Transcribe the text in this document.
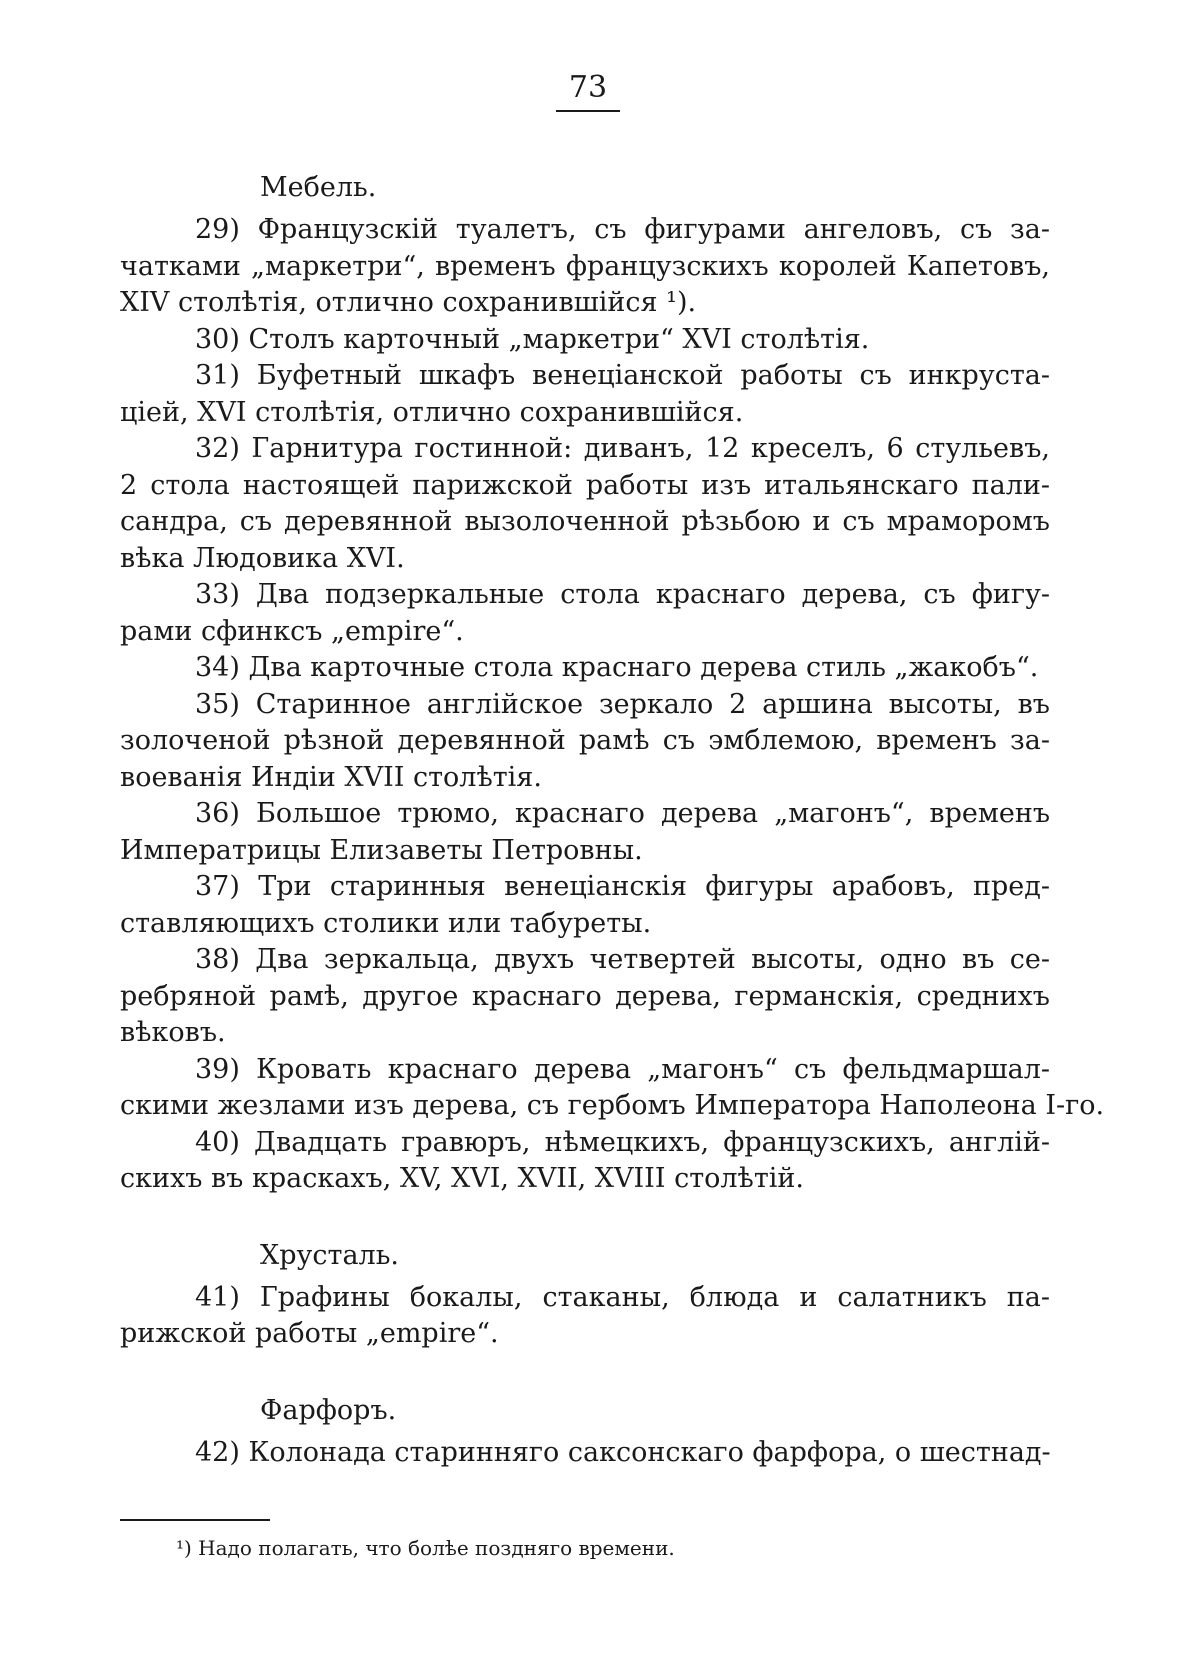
73
Мебель.
29) Французскій туалетъ, съ фигурами ангеловъ, съ за-
чатками „маркетри“, временъ французскихъ королей Капетовъ,
XIV столѣтія, отлично сохранившійся ¹).
30) Столъ карточный „маркетри“ XVI столѣтія.
31) Буфетный шкафъ венеціанской работы съ инкруста-
ціей, XVI столѣтія, отлично сохранившійся.
32) Гарнитура гостинной: диванъ, 12 креселъ, 6 стульевъ,
2 стола настоящей парижской работы изъ итальянскаго пали-
сандра, съ деревянной вызолоченной рѣзьбою и съ мраморомъ
вѣка Людовика XVI.
33) Два подзеркальные стола краснаго дерева, съ фигу-
рами сфинксъ „empire“.
34) Два карточные стола краснаго дерева стиль „жакобъ“.
35) Старинное англійское зеркало 2 аршина высоты, въ
золоченой рѣзной деревянной рамѣ съ эмблемою, временъ за-
воеванія Индіи XVII столѣтія.
36) Большое трюмо, краснаго дерева „магонъ“, временъ
Императрицы Елизаветы Петровны.
37) Три старинныя венеціанскія фигуры арабовъ, пред-
ставляющихъ столики или табуреты.
38) Два зеркальца, двухъ четвертей высоты, одно въ се-
ребряной рамѣ, другое краснаго дерева, германскія, среднихъ
вѣковъ.
39) Кровать краснаго дерева „магонъ“ съ фельдмаршал-
скими жезлами изъ дерева, съ гербомъ Императора Наполеона I-го.
40) Двадцать гравюръ, нѣмецкихъ, французскихъ, англій-
скихъ въ краскахъ, XV, XVI, XVII, XVIII столѣтій.
Хрусталь.
41) Графины бокалы, стаканы, блюда и салатникъ па-
рижской работы „empire“.
Фарфоръ.
42) Колонада старинняго саксонскаго фарфора, о шестнад-
¹) Надо полагать, что болѣе поздняго времени.
